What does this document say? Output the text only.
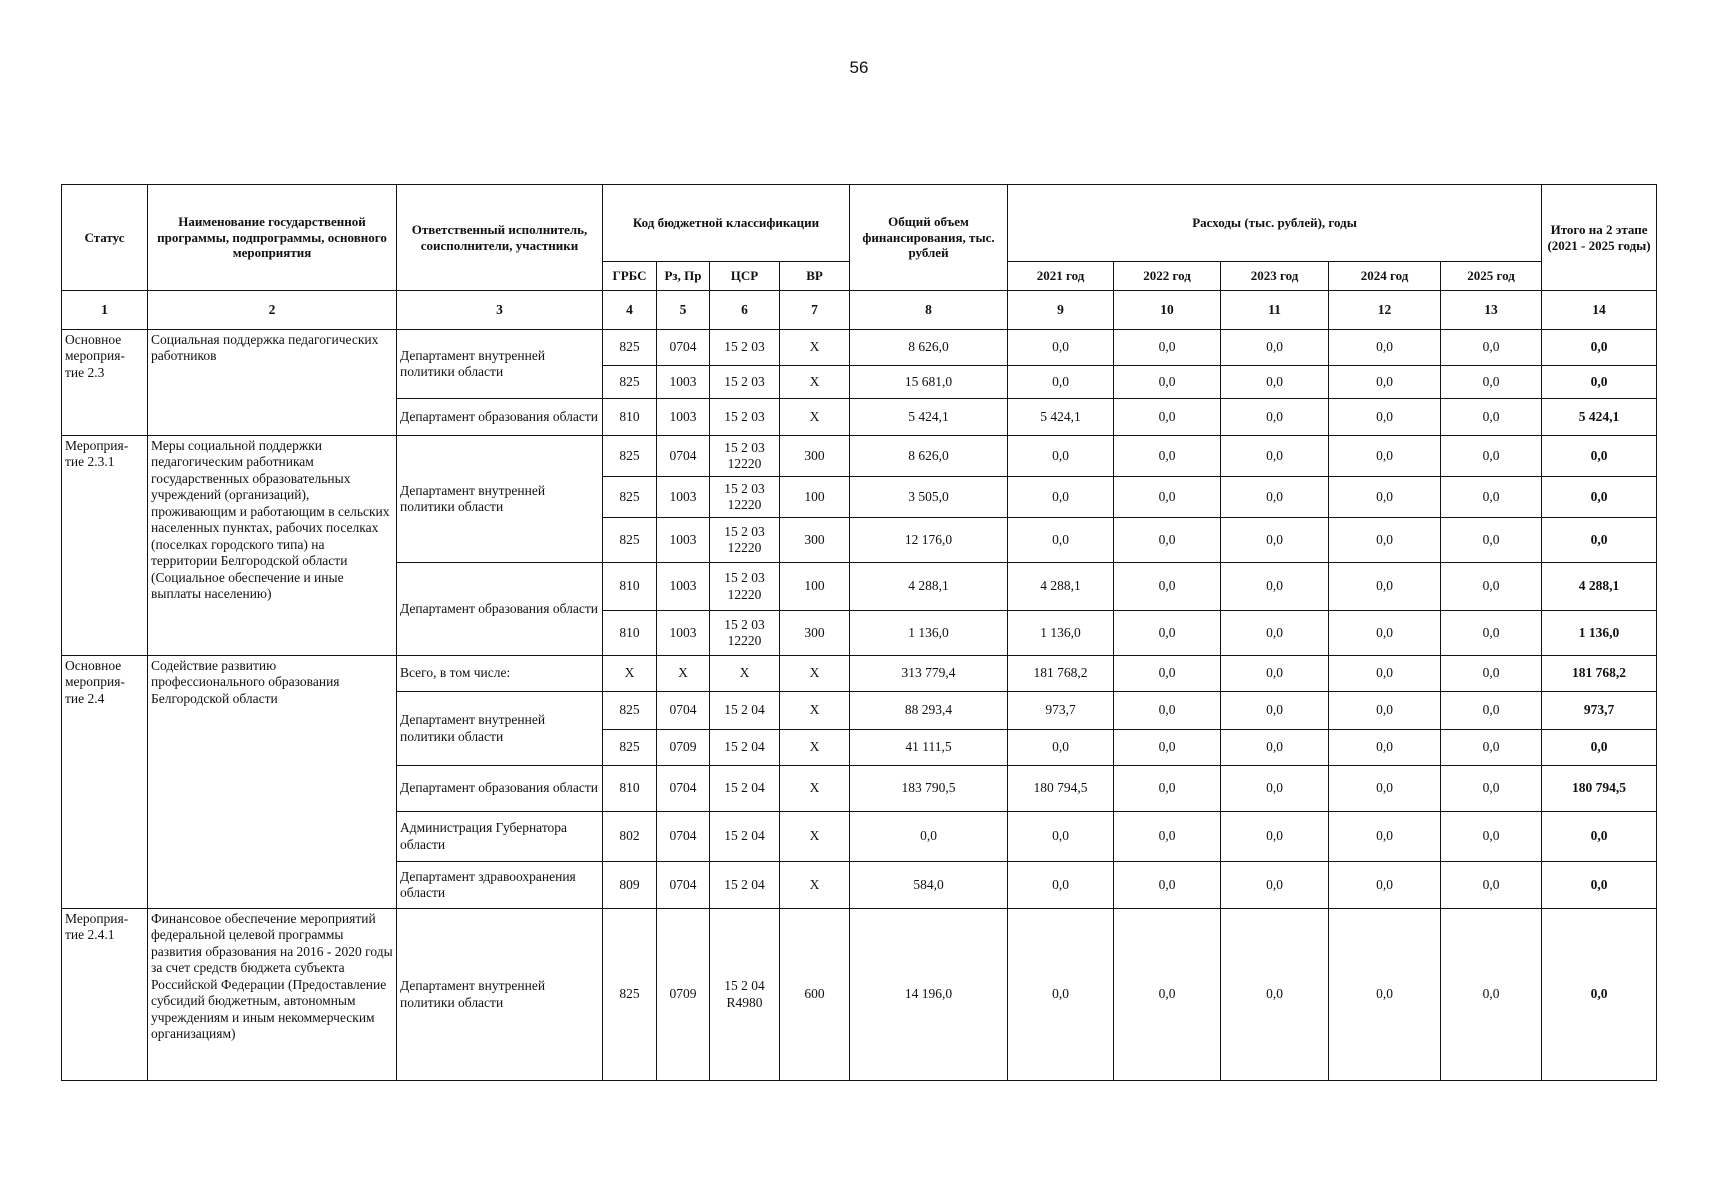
56
Статус	Наименование государственной программы, подпрограммы, основного мероприятия	Ответственный исполнитель, соисполнители, участники	Код бюджетной классификации				Общий объем финансирования, тыс. рублей	Расходы (тыс. рублей), годы					Итого на 2 этапе (2021 - 2025 годы)
			ГРБС	Рз, Пр	ЦСР	ВР		2021 год	2022 год	2023 год	2024 год	2025 год	
1	2	3	4	5	6	7	8	9	10	11	12	13	14
Основное мероприя-тие 2.3	Социальная поддержка педагогических работников	Департамент внутренней политики области	825	0704	15 2 03	Х	8 626,0	0,0	0,0	0,0	0,0	0,0	0,0
			825	1003	15 2 03	Х	15 681,0	0,0	0,0	0,0	0,0	0,0	0,0
		Департамент образования области	810	1003	15 2 03	Х	5 424,1	5 424,1	0,0	0,0	0,0	0,0	5 424,1
Мероприя-тие 2.3.1	Меры социальной поддержки педагогическим работникам государственных образовательных учреждений (организаций), проживающим и работающим в сельских населенных пунктах, рабочих поселках (поселках городского типа) на территории Белгородской области (Социальное обеспечение и иные выплаты населению)	Департамент внутренней политики области	825	0704	15 2 03 12220	300	8 626,0	0,0	0,0	0,0	0,0	0,0	0,0
			825	1003	15 2 03 12220	100	3 505,0	0,0	0,0	0,0	0,0	0,0	0,0
			825	1003	15 2 03 12220	300	12 176,0	0,0	0,0	0,0	0,0	0,0	0,0
		Департамент образования области	810	1003	15 2 03 12220	100	4 288,1	4 288,1	0,0	0,0	0,0	0,0	4 288,1
			810	1003	15 2 03 12220	300	1 136,0	1 136,0	0,0	0,0	0,0	0,0	1 136,0
Основное мероприя-тие 2.4	Содействие развитию профессионального образования Белгородской области	Всего, в том числе:	Х	Х	Х	Х	313 779,4	181 768,2	0,0	0,0	0,0	0,0	181 768,2
		Департамент внутренней политики области	825	0704	15 2 04	Х	88 293,4	973,7	0,0	0,0	0,0	0,0	973,7
			825	0709	15 2 04	Х	41 111,5	0,0	0,0	0,0	0,0	0,0	0,0
		Департамент образования области	810	0704	15 2 04	Х	183 790,5	180 794,5	0,0	0,0	0,0	0,0	180 794,5
		Администрация Губернатора области	802	0704	15 2 04	Х	0,0	0,0	0,0	0,0	0,0	0,0	0,0
		Департамент здравоохранения области	809	0704	15 2 04	Х	584,0	0,0	0,0	0,0	0,0	0,0	0,0
Мероприя-тие 2.4.1	Финансовое обеспечение мероприятий федеральной целевой программы развития образования на 2016 - 2020 годы за счет средств бюджета субъекта Российской Федерации (Предоставление субсидий бюджетным, автономным учреждениям и иным некоммерческим организациям)	Департамент внутренней политики области	825	0709	15 2 04 R4980	600	14 196,0	0,0	0,0	0,0	0,0	0,0	0,0
